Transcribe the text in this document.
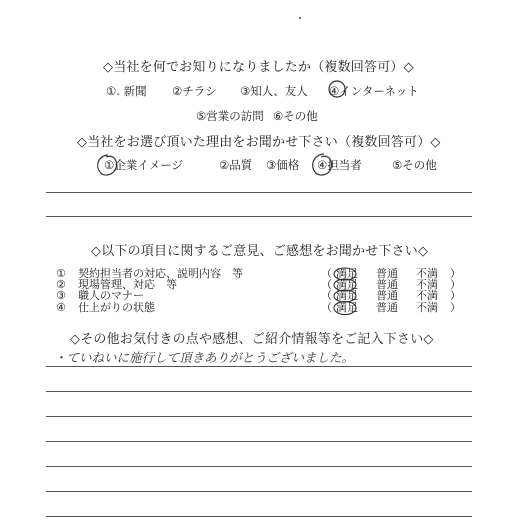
◇当社を何でお知りになりましたか（複数回答可）◇
①. 新聞 ②チラシ ③知人、友人 ④インターネット
⑤営業の訪問 ⑥その他
◇当社をお選び頂いた理由をお聞かせ下さい（複数回答可）◇
①企業イメージ	②品質 ③価格 ④担当者	⑤その他
◇以下の項目に関するご意見、ご感想をお聞かせ下さい◇
① 契約担当者の対応、説明内容　等	（ 満足 普通 不満 ）
② 現場管理、対応　等	（ 満足 普通 不満 ）
③ 職人のマナー	（ 満足 普通 不満 ）
④ 仕上がりの状態	（ 満足 普通 不満 ）
◇その他お気付きの点や感想、ご紹介情報等をご記入下さい◇
・ていねいに施行して頂きありがとうございました。
